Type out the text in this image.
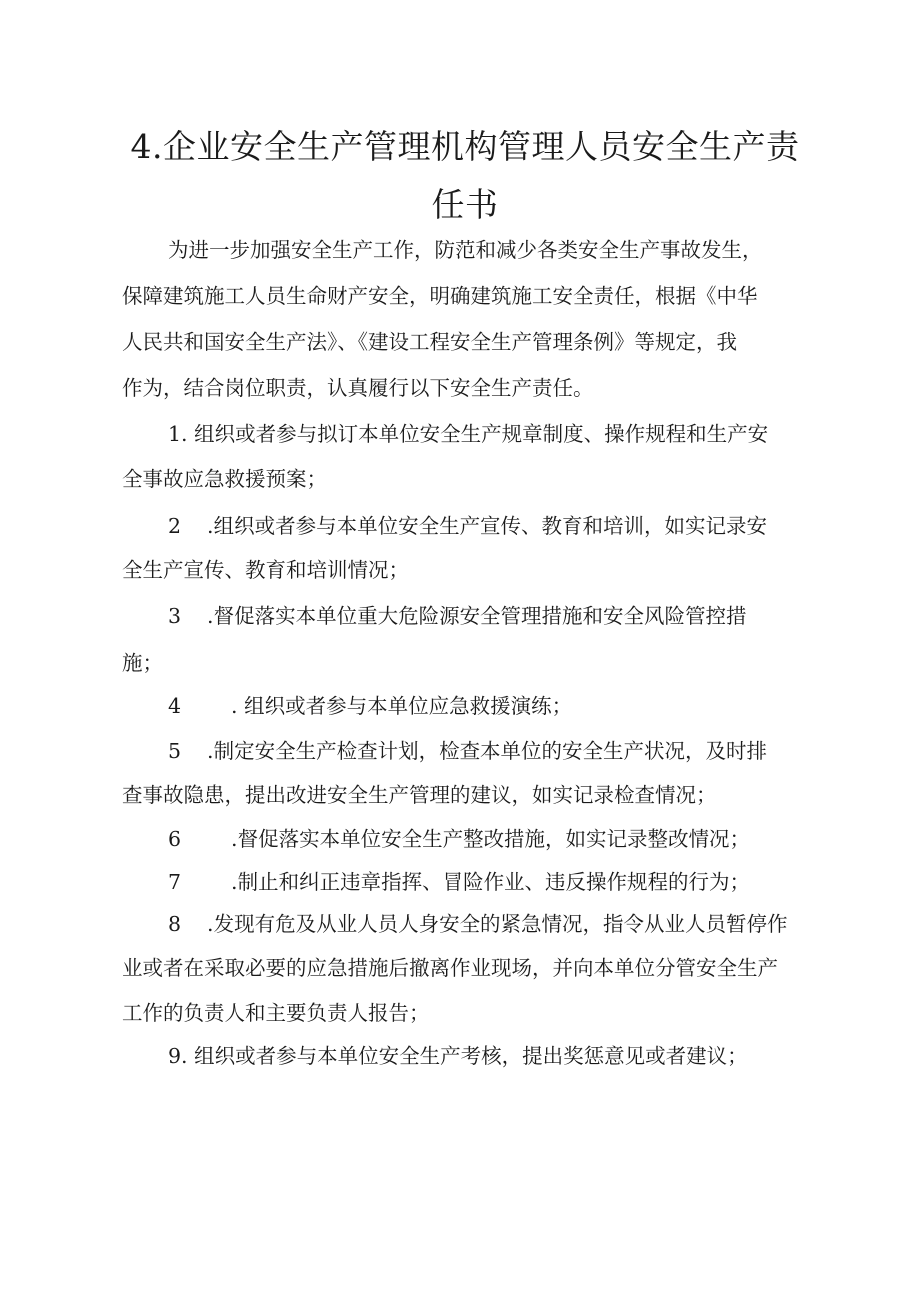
4.企业安全生产管理机构管理人员安全生产责
任书

为进一步加强安全生产工作，防范和减少各类安全生产事故发生，

保障建筑施工人员生命财产安全，明确建筑施工安全责任，根据《中华

人民共和国安全生产法》、《建设工程安全生产管理条例》等规定，我

作为，结合岗位职责，认真履行以下安全生产责任。

1. 组织或者参与拟订本单位安全生产规章制度、操作规程和生产安

全事故应急救援预案；

2 .组织或者参与本单位安全生产宣传、教育和培训，如实记录安

全生产宣传、教育和培训情况；

3 .督促落实本单位重大危险源安全管理措施和安全风险管控措

施；

4 . 组织或者参与本单位应急救援演练；

5 .制定安全生产检查计划，检查本单位的安全生产状况，及时排

查事故隐患，提出改进安全生产管理的建议，如实记录检查情况；

6 .督促落实本单位安全生产整改措施，如实记录整改情况；

7 .制止和纠正违章指挥、冒险作业、违反操作规程的行为；

8 .发现有危及从业人员人身安全的紧急情况，指令从业人员暂停作

业或者在采取必要的应急措施后撤离作业现场，并向本单位分管安全生产

工作的负责人和主要负责人报告；

9. 组织或者参与本单位安全生产考核，提出奖惩意见或者建议；
